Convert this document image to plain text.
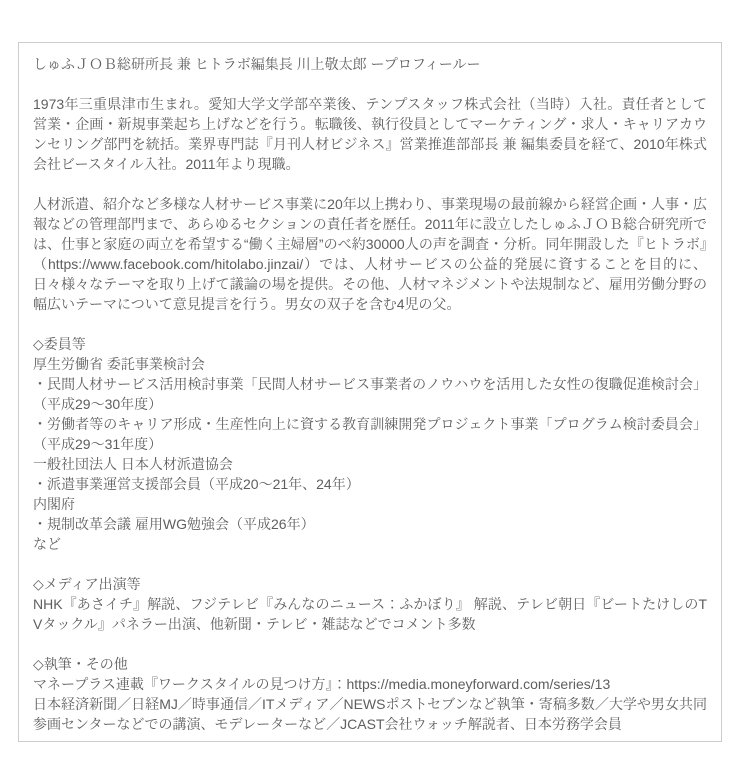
しゅふＪＯＢ総研所長 兼 ヒトラボ編集長 川上敬太郎 ープロフィールー
1973年三重県津市生まれ。愛知大学文学部卒業後、テンプスタッフ株式会社（当時）入社。責任者として営業・企画・新規事業起ち上げなどを行う。転職後、執行役員としてマーケティング・求人・キャリアカウンセリング部門を統括。業界専門誌『月刊人材ビジネス』営業推進部部長 兼 編集委員を経て、2010年株式会社ビースタイル入社。2011年より現職。
人材派遣、紹介など多様な人材サービス事業に20年以上携わり、事業現場の最前線から経営企画・人事・広報などの管理部門まで、あらゆるセクションの責任者を歴任。2011年に設立したしゅふＪＯＢ総合研究所では、仕事と家庭の両立を希望する“働く主婦層”のべ約30000人の声を調査・分析。同年開設した『ヒトラボ』（https://www.facebook.com/hitolabo.jinzai/）では、人材サービスの公益的発展に資することを目的に、日々様々なテーマを取り上げて議論の場を提供。その他、人材マネジメントや法規制など、雇用労働分野の幅広いテーマについて意見提言を行う。男女の双子を含む4児の父。
◇委員等
厚生労働省 委託事業検討会
・民間人材サービス活用検討事業「民間人材サービス事業者のノウハウを活用した女性の復職促進検討会」（平成29～30年度）
・労働者等のキャリア形成・生産性向上に資する教育訓練開発プロジェクト事業「プログラム検討委員会」（平成29～31年度）
一般社団法人 日本人材派遣協会
・派遣事業運営支援部会員（平成20～21年、24年）
内閣府
・規制改革会議 雇用WG勉強会（平成26年）
など
◇メディア出演等
NHK『あさイチ』解説、フジテレビ『みんなのニュース：ふかぼり』 解説、テレビ朝日『ビートたけしのTVタックル』パネラー出演、他新聞・テレビ・雑誌などでコメント多数
◇執筆・その他
マネープラス連載『ワークスタイルの見つけ方』：https://media.moneyforward.com/series/13
日本経済新聞／日経MJ／時事通信／ITメディア／NEWSポストセブンなど執筆・寄稿多数／大学や男女共同参画センターなどでの講演、モデレーターなど／JCAST会社ウォッチ解説者、日本労務学会員
